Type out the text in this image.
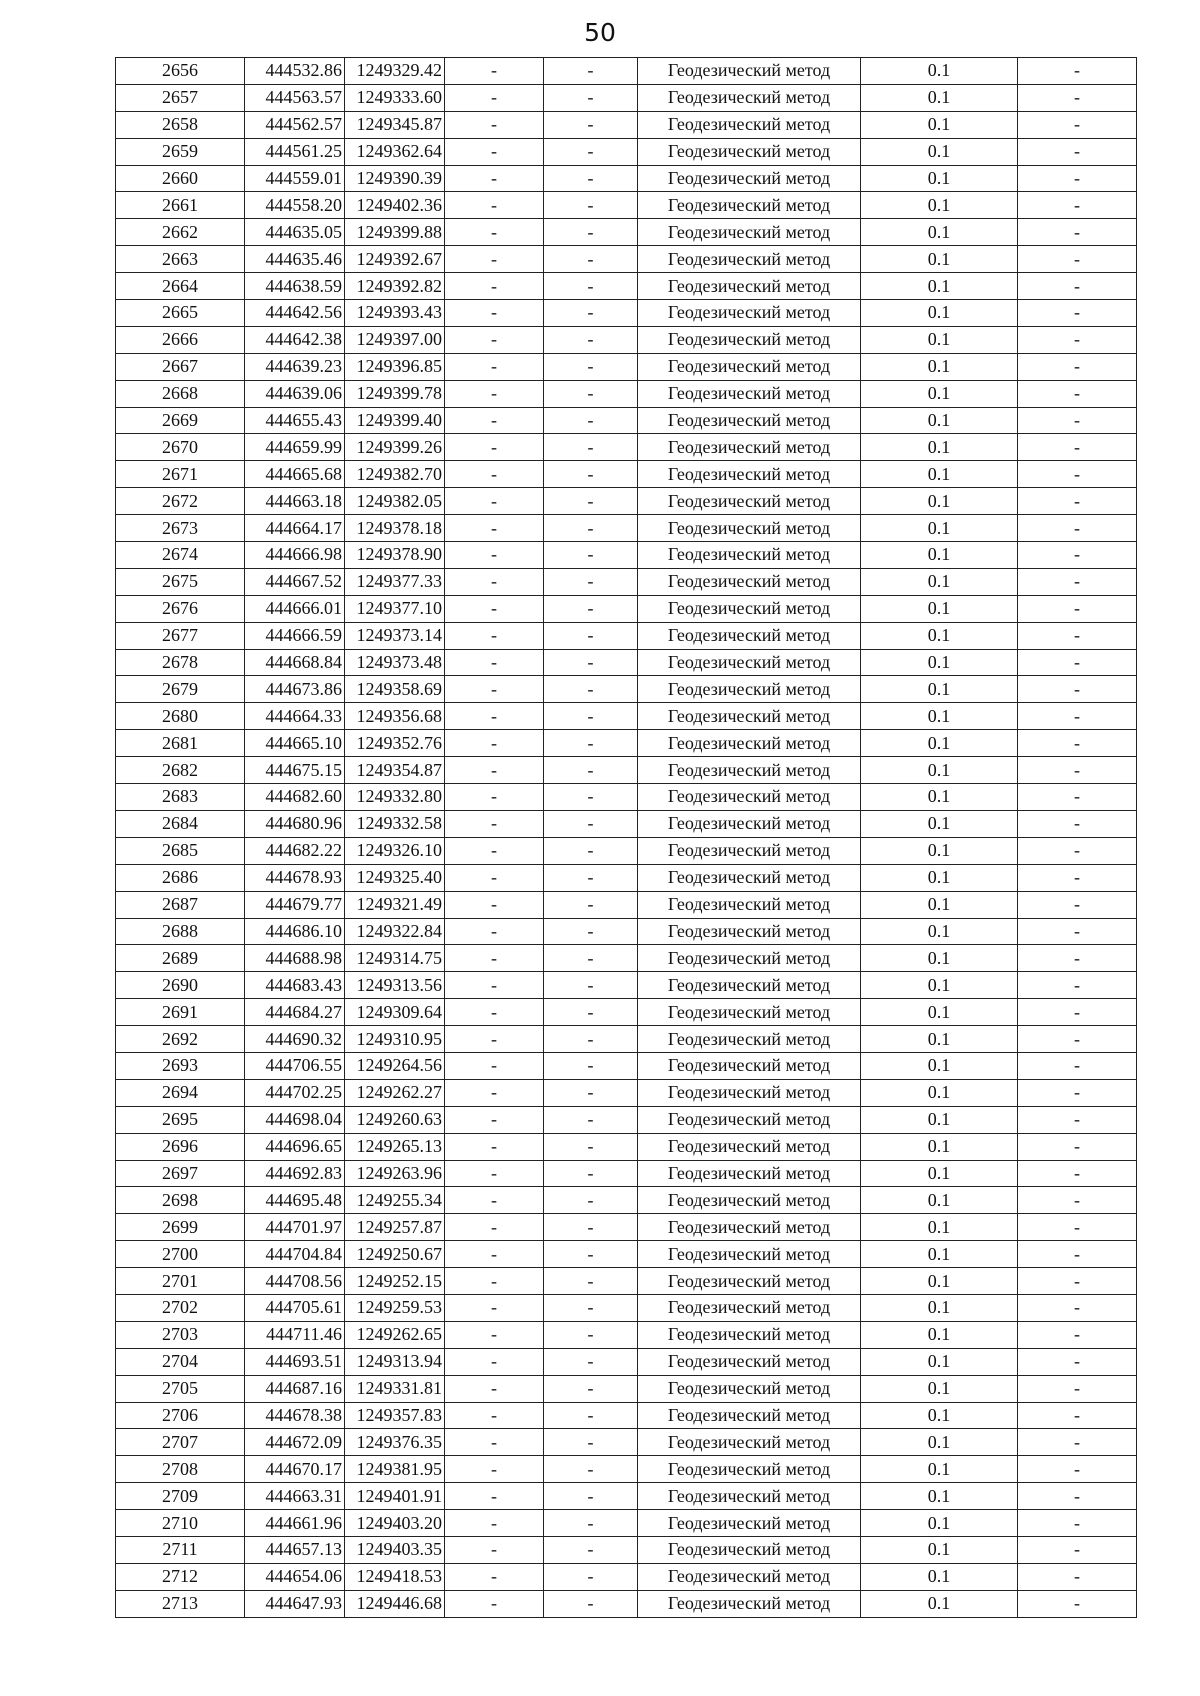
50
2656	444532.86	1249329.42	-	-	Геодезический метод	0.1	-
2657	444563.57	1249333.60	-	-	Геодезический метод	0.1	-
2658	444562.57	1249345.87	-	-	Геодезический метод	0.1	-
2659	444561.25	1249362.64	-	-	Геодезический метод	0.1	-
2660	444559.01	1249390.39	-	-	Геодезический метод	0.1	-
2661	444558.20	1249402.36	-	-	Геодезический метод	0.1	-
2662	444635.05	1249399.88	-	-	Геодезический метод	0.1	-
2663	444635.46	1249392.67	-	-	Геодезический метод	0.1	-
2664	444638.59	1249392.82	-	-	Геодезический метод	0.1	-
2665	444642.56	1249393.43	-	-	Геодезический метод	0.1	-
2666	444642.38	1249397.00	-	-	Геодезический метод	0.1	-
2667	444639.23	1249396.85	-	-	Геодезический метод	0.1	-
2668	444639.06	1249399.78	-	-	Геодезический метод	0.1	-
2669	444655.43	1249399.40	-	-	Геодезический метод	0.1	-
2670	444659.99	1249399.26	-	-	Геодезический метод	0.1	-
2671	444665.68	1249382.70	-	-	Геодезический метод	0.1	-
2672	444663.18	1249382.05	-	-	Геодезический метод	0.1	-
2673	444664.17	1249378.18	-	-	Геодезический метод	0.1	-
2674	444666.98	1249378.90	-	-	Геодезический метод	0.1	-
2675	444667.52	1249377.33	-	-	Геодезический метод	0.1	-
2676	444666.01	1249377.10	-	-	Геодезический метод	0.1	-
2677	444666.59	1249373.14	-	-	Геодезический метод	0.1	-
2678	444668.84	1249373.48	-	-	Геодезический метод	0.1	-
2679	444673.86	1249358.69	-	-	Геодезический метод	0.1	-
2680	444664.33	1249356.68	-	-	Геодезический метод	0.1	-
2681	444665.10	1249352.76	-	-	Геодезический метод	0.1	-
2682	444675.15	1249354.87	-	-	Геодезический метод	0.1	-
2683	444682.60	1249332.80	-	-	Геодезический метод	0.1	-
2684	444680.96	1249332.58	-	-	Геодезический метод	0.1	-
2685	444682.22	1249326.10	-	-	Геодезический метод	0.1	-
2686	444678.93	1249325.40	-	-	Геодезический метод	0.1	-
2687	444679.77	1249321.49	-	-	Геодезический метод	0.1	-
2688	444686.10	1249322.84	-	-	Геодезический метод	0.1	-
2689	444688.98	1249314.75	-	-	Геодезический метод	0.1	-
2690	444683.43	1249313.56	-	-	Геодезический метод	0.1	-
2691	444684.27	1249309.64	-	-	Геодезический метод	0.1	-
2692	444690.32	1249310.95	-	-	Геодезический метод	0.1	-
2693	444706.55	1249264.56	-	-	Геодезический метод	0.1	-
2694	444702.25	1249262.27	-	-	Геодезический метод	0.1	-
2695	444698.04	1249260.63	-	-	Геодезический метод	0.1	-
2696	444696.65	1249265.13	-	-	Геодезический метод	0.1	-
2697	444692.83	1249263.96	-	-	Геодезический метод	0.1	-
2698	444695.48	1249255.34	-	-	Геодезический метод	0.1	-
2699	444701.97	1249257.87	-	-	Геодезический метод	0.1	-
2700	444704.84	1249250.67	-	-	Геодезический метод	0.1	-
2701	444708.56	1249252.15	-	-	Геодезический метод	0.1	-
2702	444705.61	1249259.53	-	-	Геодезический метод	0.1	-
2703	444711.46	1249262.65	-	-	Геодезический метод	0.1	-
2704	444693.51	1249313.94	-	-	Геодезический метод	0.1	-
2705	444687.16	1249331.81	-	-	Геодезический метод	0.1	-
2706	444678.38	1249357.83	-	-	Геодезический метод	0.1	-
2707	444672.09	1249376.35	-	-	Геодезический метод	0.1	-
2708	444670.17	1249381.95	-	-	Геодезический метод	0.1	-
2709	444663.31	1249401.91	-	-	Геодезический метод	0.1	-
2710	444661.96	1249403.20	-	-	Геодезический метод	0.1	-
2711	444657.13	1249403.35	-	-	Геодезический метод	0.1	-
2712	444654.06	1249418.53	-	-	Геодезический метод	0.1	-
2713	444647.93	1249446.68	-	-	Геодезический метод	0.1	-
